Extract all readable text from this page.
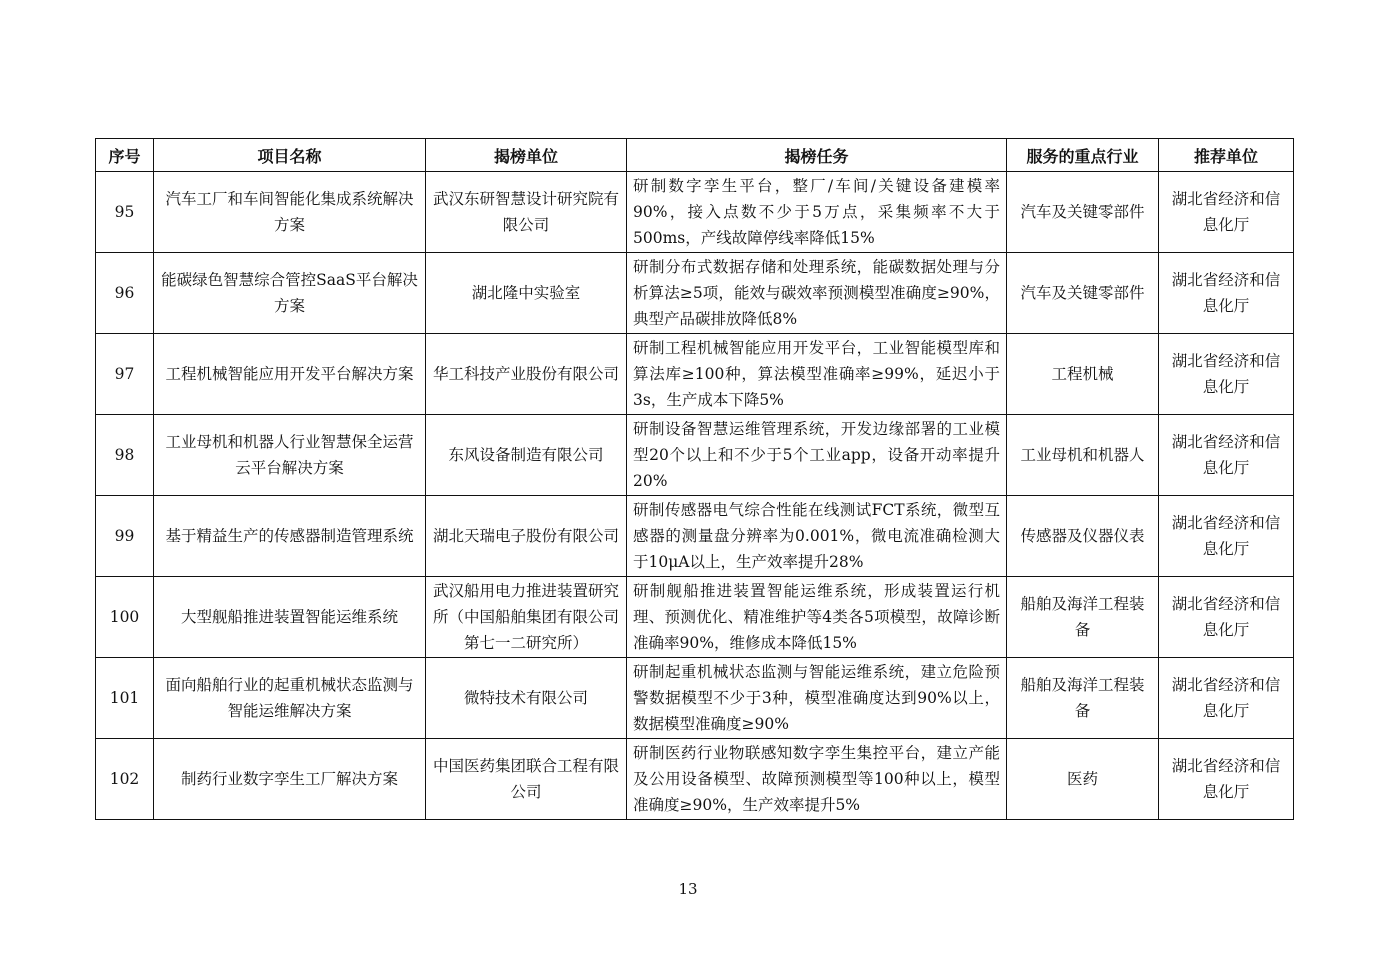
序号	项目名称	揭榜单位	揭榜任务	服务的重点行业	推荐单位
95	汽车工厂和车间智能化集成系统解决方案	武汉东研智慧设计研究院有限公司	研制数字孪生平台，整厂/车间/关键设备建模率90%，接入点数不少于5万点，采集频率不大于500ms，产线故障停线率降低15%	汽车及关键零部件	湖北省经济和信息化厅
96	能碳绿色智慧综合管控SaaS平台解决方案	湖北隆中实验室	研制分布式数据存储和处理系统，能碳数据处理与分析算法≥5项，能效与碳效率预测模型准确度≥90%，典型产品碳排放降低8%	汽车及关键零部件	湖北省经济和信息化厅
97	工程机械智能应用开发平台解决方案	华工科技产业股份有限公司	研制工程机械智能应用开发平台，工业智能模型库和算法库≥100种，算法模型准确率≥99%，延迟小于3s，生产成本下降5%	工程机械	湖北省经济和信息化厅
98	工业母机和机器人行业智慧保全运营云平台解决方案	东风设备制造有限公司	研制设备智慧运维管理系统，开发边缘部署的工业模型20个以上和不少于5个工业app，设备开动率提升20%	工业母机和机器人	湖北省经济和信息化厅
99	基于精益生产的传感器制造管理系统	湖北天瑞电子股份有限公司	研制传感器电气综合性能在线测试FCT系统，微型互感器的测量盘分辨率为0.001%，微电流准确检测大于10μA以上，生产效率提升28%	传感器及仪器仪表	湖北省经济和信息化厅
100	大型舰船推进装置智能运维系统	武汉船用电力推进装置研究所（中国船舶集团有限公司第七一二研究所）	研制舰船推进装置智能运维系统，形成装置运行机理、预测优化、精准维护等4类各5项模型，故障诊断准确率90%，维修成本降低15%	船舶及海洋工程装备	湖北省经济和信息化厅
101	面向船舶行业的起重机械状态监测与智能运维解决方案	微特技术有限公司	研制起重机械状态监测与智能运维系统，建立危险预警数据模型不少于3种，模型准确度达到90%以上，数据模型准确度≥90%	船舶及海洋工程装备	湖北省经济和信息化厅
102	制药行业数字孪生工厂解决方案	中国医药集团联合工程有限公司	研制医药行业物联感知数字孪生集控平台，建立产能及公用设备模型、故障预测模型等100种以上，模型准确度≥90%，生产效率提升5%	医药	湖北省经济和信息化厅
13
